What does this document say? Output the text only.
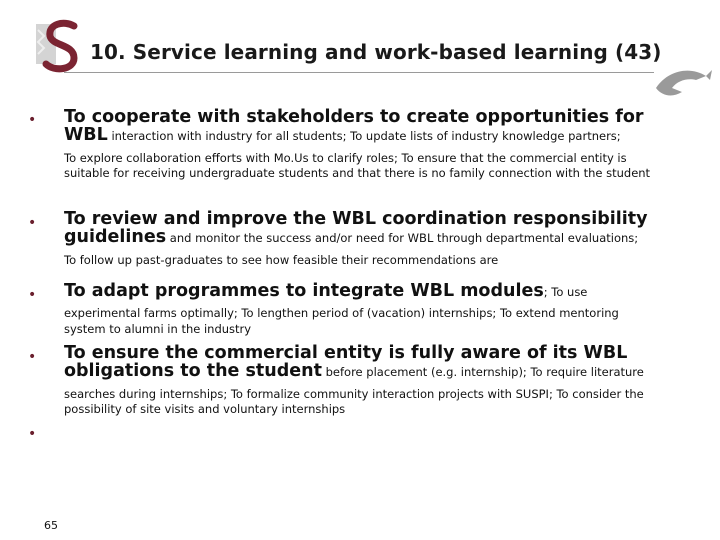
10. Service learning and work-based learning (43)
• To cooperate with stakeholders to create opportunities for
WBL interaction with industry for all students; To update lists of industry knowledge partners;
To explore collaboration efforts with Mo.Us to clarify roles; To ensure that the commercial entity is suitable for receiving undergraduate students and that there is no family connection with the student
• To review and improve the WBL coordination responsibility
guidelines and monitor the success and/or need for WBL through departmental evaluations;
To follow up past-graduates to see how feasible their recommendations are
• To adapt programmes to integrate WBL modules; To use
experimental farms optimally; To lengthen period of (vacation) internships; To extend mentoring system to alumni in the industry
• To ensure the commercial entity is fully aware of its WBL
obligations to the student before placement (e.g. internship); To require literature
searches during internships; To formalize community interaction projects with SUSPI; To consider the possibility of site visits and voluntary internships
•
65
